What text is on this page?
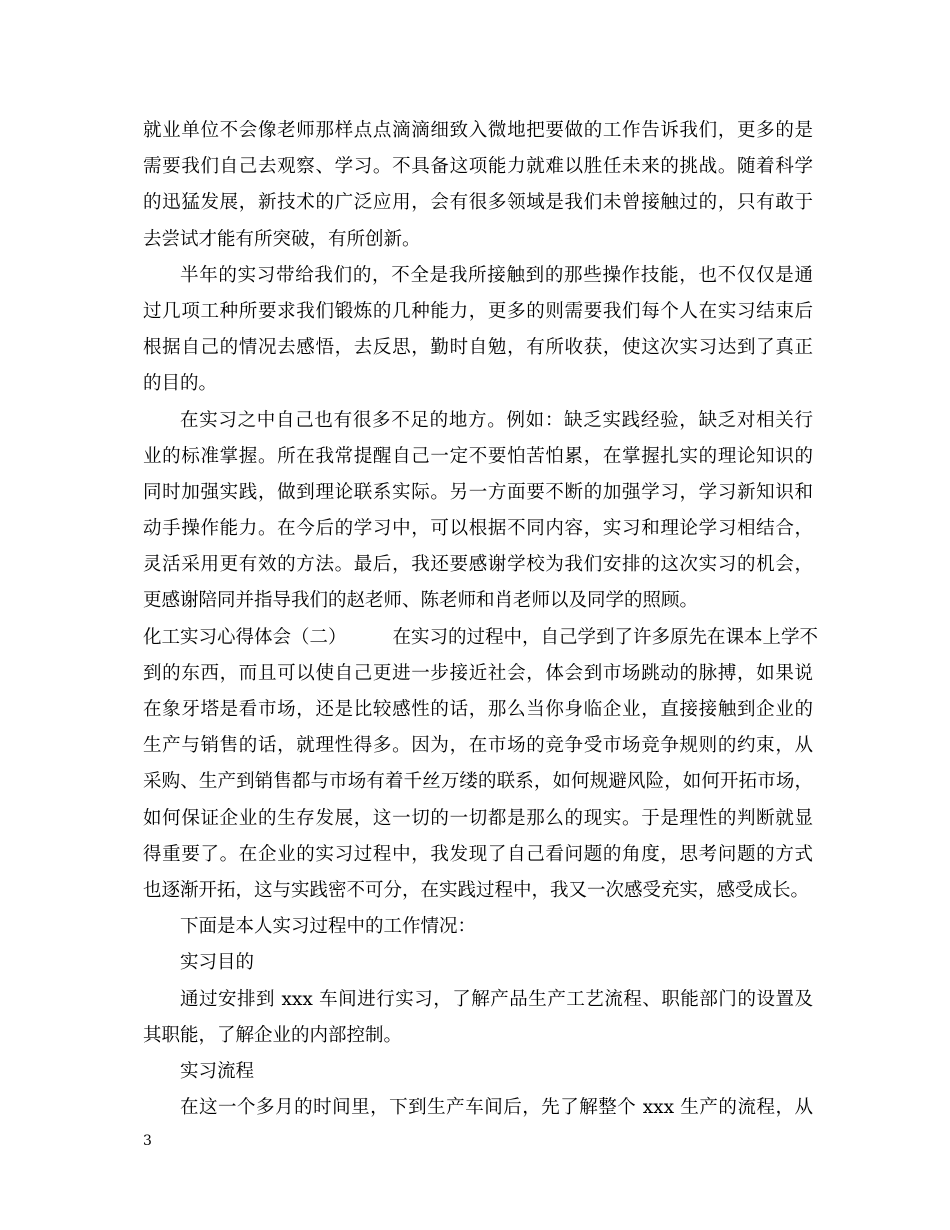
就业单位不会像老师那样点点滴滴细致入微地把要做的工作告诉我们，更多的是
需要我们自己去观察、学习。不具备这项能力就难以胜任未来的挑战。随着科学
的迅猛发展，新技术的广泛应用，会有很多领域是我们未曾接触过的，只有敢于
去尝试才能有所突破，有所创新。
半年的实习带给我们的，不全是我所接触到的那些操作技能，也不仅仅是通
过几项工种所要求我们锻炼的几种能力，更多的则需要我们每个人在实习结束后
根据自己的情况去感悟，去反思，勤时自勉，有所收获，使这次实习达到了真正
的目的。
在实习之中自己也有很多不足的地方。例如：缺乏实践经验，缺乏对相关行
业的标准掌握。所在我常提醒自己一定不要怕苦怕累，在掌握扎实的理论知识的
同时加强实践，做到理论联系实际。另一方面要不断的加强学习，学习新知识和
动手操作能力。在今后的学习中，可以根据不同内容，实习和理论学习相结合，
灵活采用更有效的方法。最后，我还要感谢学校为我们安排的这次实习的机会，
更感谢陪同并指导我们的赵老师、陈老师和肖老师以及同学的照顾。
化工实习心得体会（二） 在实习的过程中，自己学到了许多原先在课本上学不
到的东西，而且可以使自己更进一步接近社会，体会到市场跳动的脉搏，如果说
在象牙塔是看市场，还是比较感性的话，那么当你身临企业，直接接触到企业的
生产与销售的话，就理性得多。因为，在市场的竞争受市场竞争规则的约束，从
采购、生产到销售都与市场有着千丝万缕的联系，如何规避风险，如何开拓市场，
如何保证企业的生存发展，这一切的一切都是那么的现实。于是理性的判断就显
得重要了。在企业的实习过程中，我发现了自己看问题的角度，思考问题的方式
也逐渐开拓，这与实践密不可分，在实践过程中，我又一次感受充实，感受成长。
下面是本人实习过程中的工作情况：
实习目的
通过安排到 xxx 车间进行实习，了解产品生产工艺流程、职能部门的设置及
其职能，了解企业的内部控制。
实习流程
在这一个多月的时间里，下到生产车间后，先了解整个 xxx 生产的流程，从
3
